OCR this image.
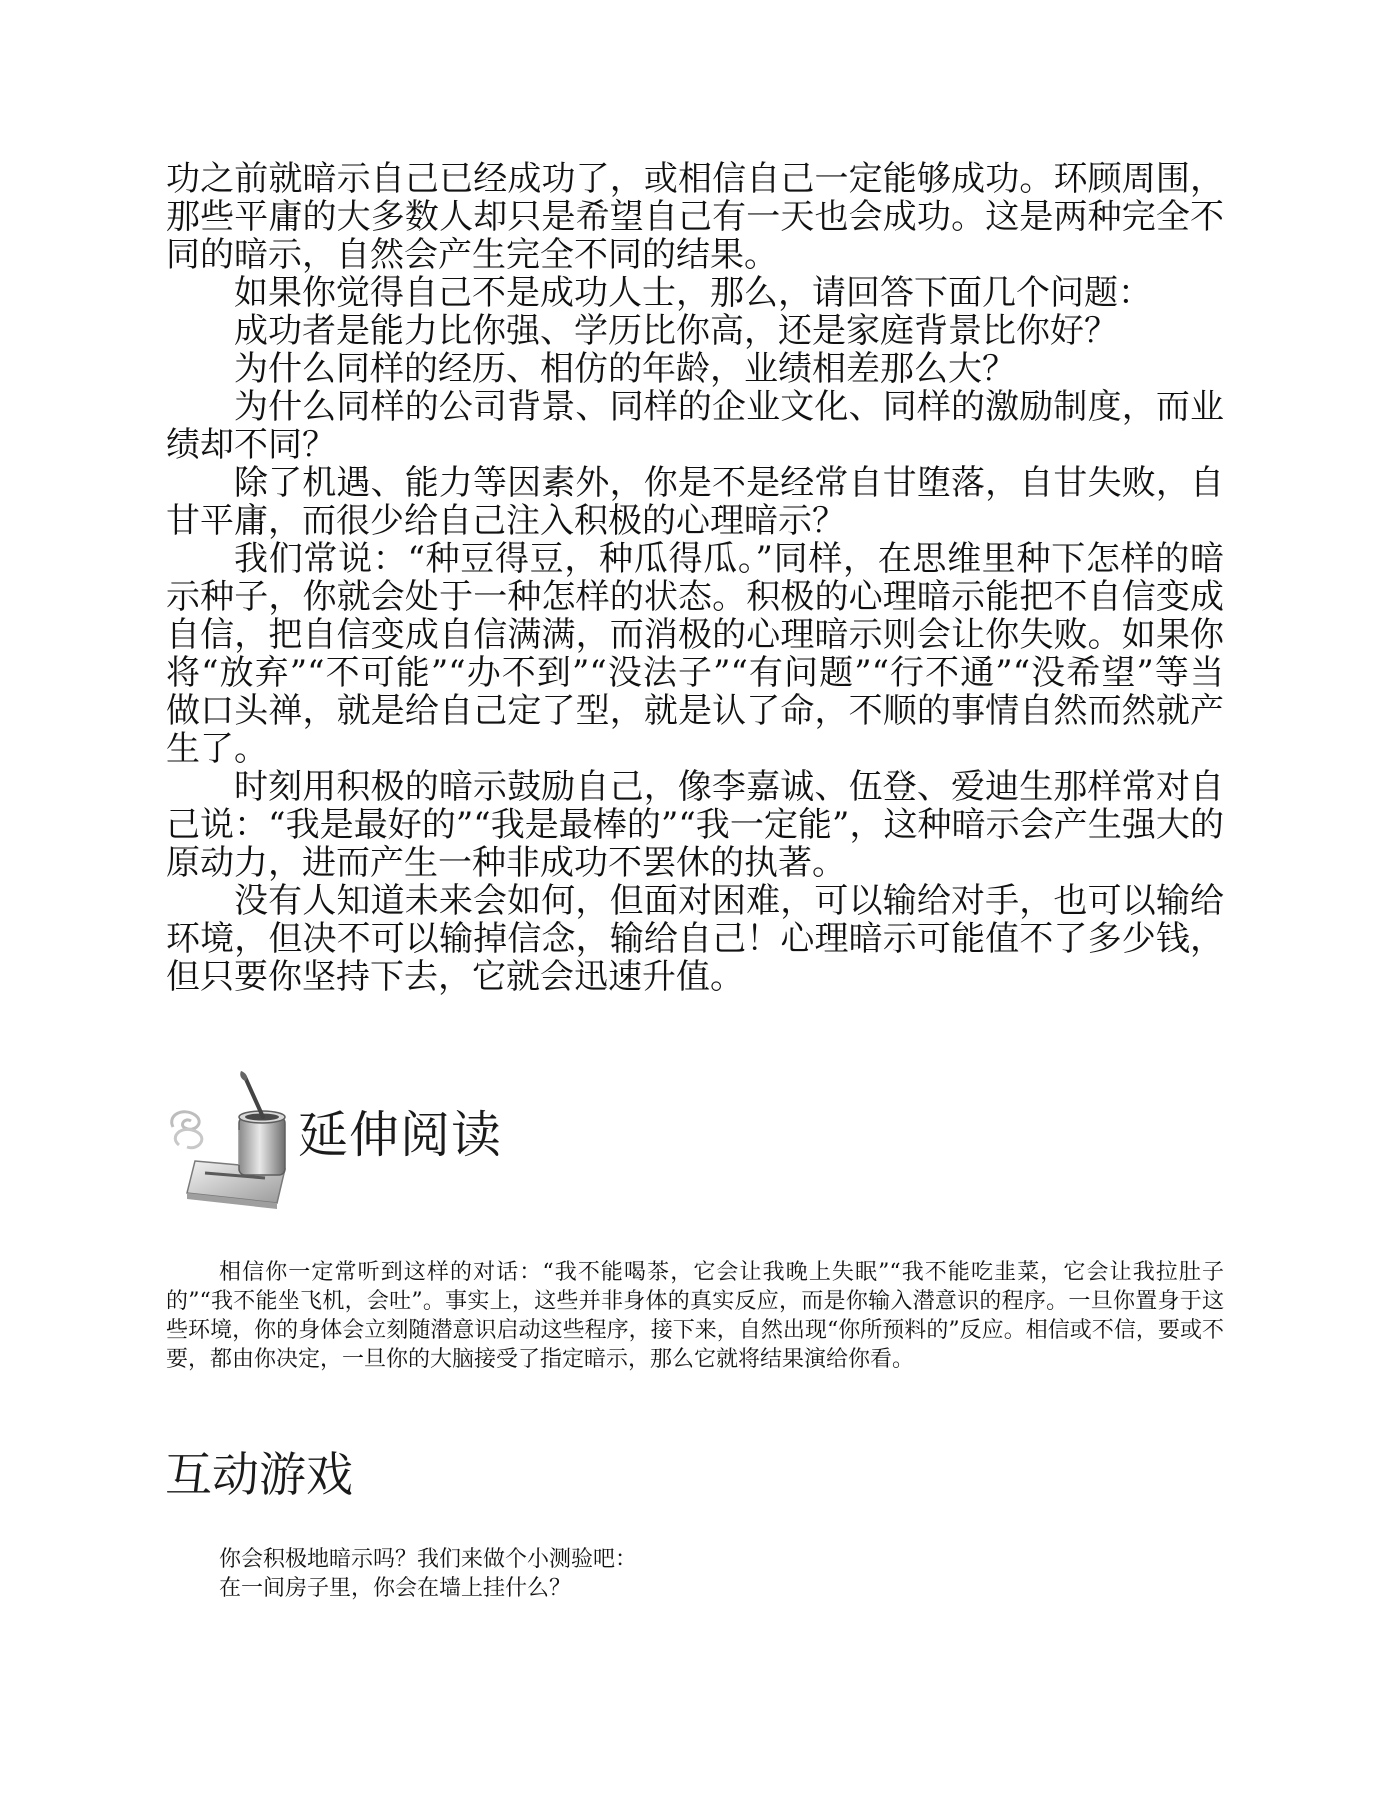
功之前就暗示自己已经成功了，或相信自己一定能够成功。环顾周围，那些平庸的大多数人却只是希望自己有一天也会成功。这是两种完全不同的暗示，自然会产生完全不同的结果。

如果你觉得自己不是成功人士，那么，请回答下面几个问题：

成功者是能力比你强、学历比你高，还是家庭背景比你好？

为什么同样的经历、相仿的年龄，业绩相差那么大？

为什么同样的公司背景、同样的企业文化、同样的激励制度，而业绩却不同？

除了机遇、能力等因素外，你是不是经常自甘堕落，自甘失败，自甘平庸，而很少给自己注入积极的心理暗示？

我们常说：“种豆得豆，种瓜得瓜。”同样，在思维里种下怎样的暗示种子，你就会处于一种怎样的状态。积极的心理暗示能把不自信变成自信，把自信变成自信满满，而消极的心理暗示则会让你失败。如果你将“放弃”“不可能”“办不到”“没法子”“有问题”“行不通”“没希望”等当做口头禅，就是给自己定了型，就是认了命，不顺的事情自然而然就产生了。

时刻用积极的暗示鼓励自己，像李嘉诚、伍登、爱迪生那样常对自己说：“我是最好的”“我是最棒的”“我一定能”，这种暗示会产生强大的原动力，进而产生一种非成功不罢休的执著。

没有人知道未来会如何，但面对困难，可以输给对手，也可以输给环境，但决不可以输掉信念，输给自己！心理暗示可能值不了多少钱，但只要你坚持下去，它就会迅速升值。

延伸阅读

相信你一定常听到这样的对话：“我不能喝茶，它会让我晚上失眠”“我不能吃韭菜，它会让我拉肚子的”“我不能坐飞机，会吐”。事实上，这些并非身体的真实反应，而是你输入潜意识的程序。一旦你置身于这些环境，你的身体会立刻随潜意识启动这些程序，接下来，自然出现“你所预料的”反应。相信或不信，要或不要，都由你决定，一旦你的大脑接受了指定暗示，那么它就将结果演给你看。

互动游戏

你会积极地暗示吗？我们来做个小测验吧：

在一间房子里，你会在墙上挂什么？
